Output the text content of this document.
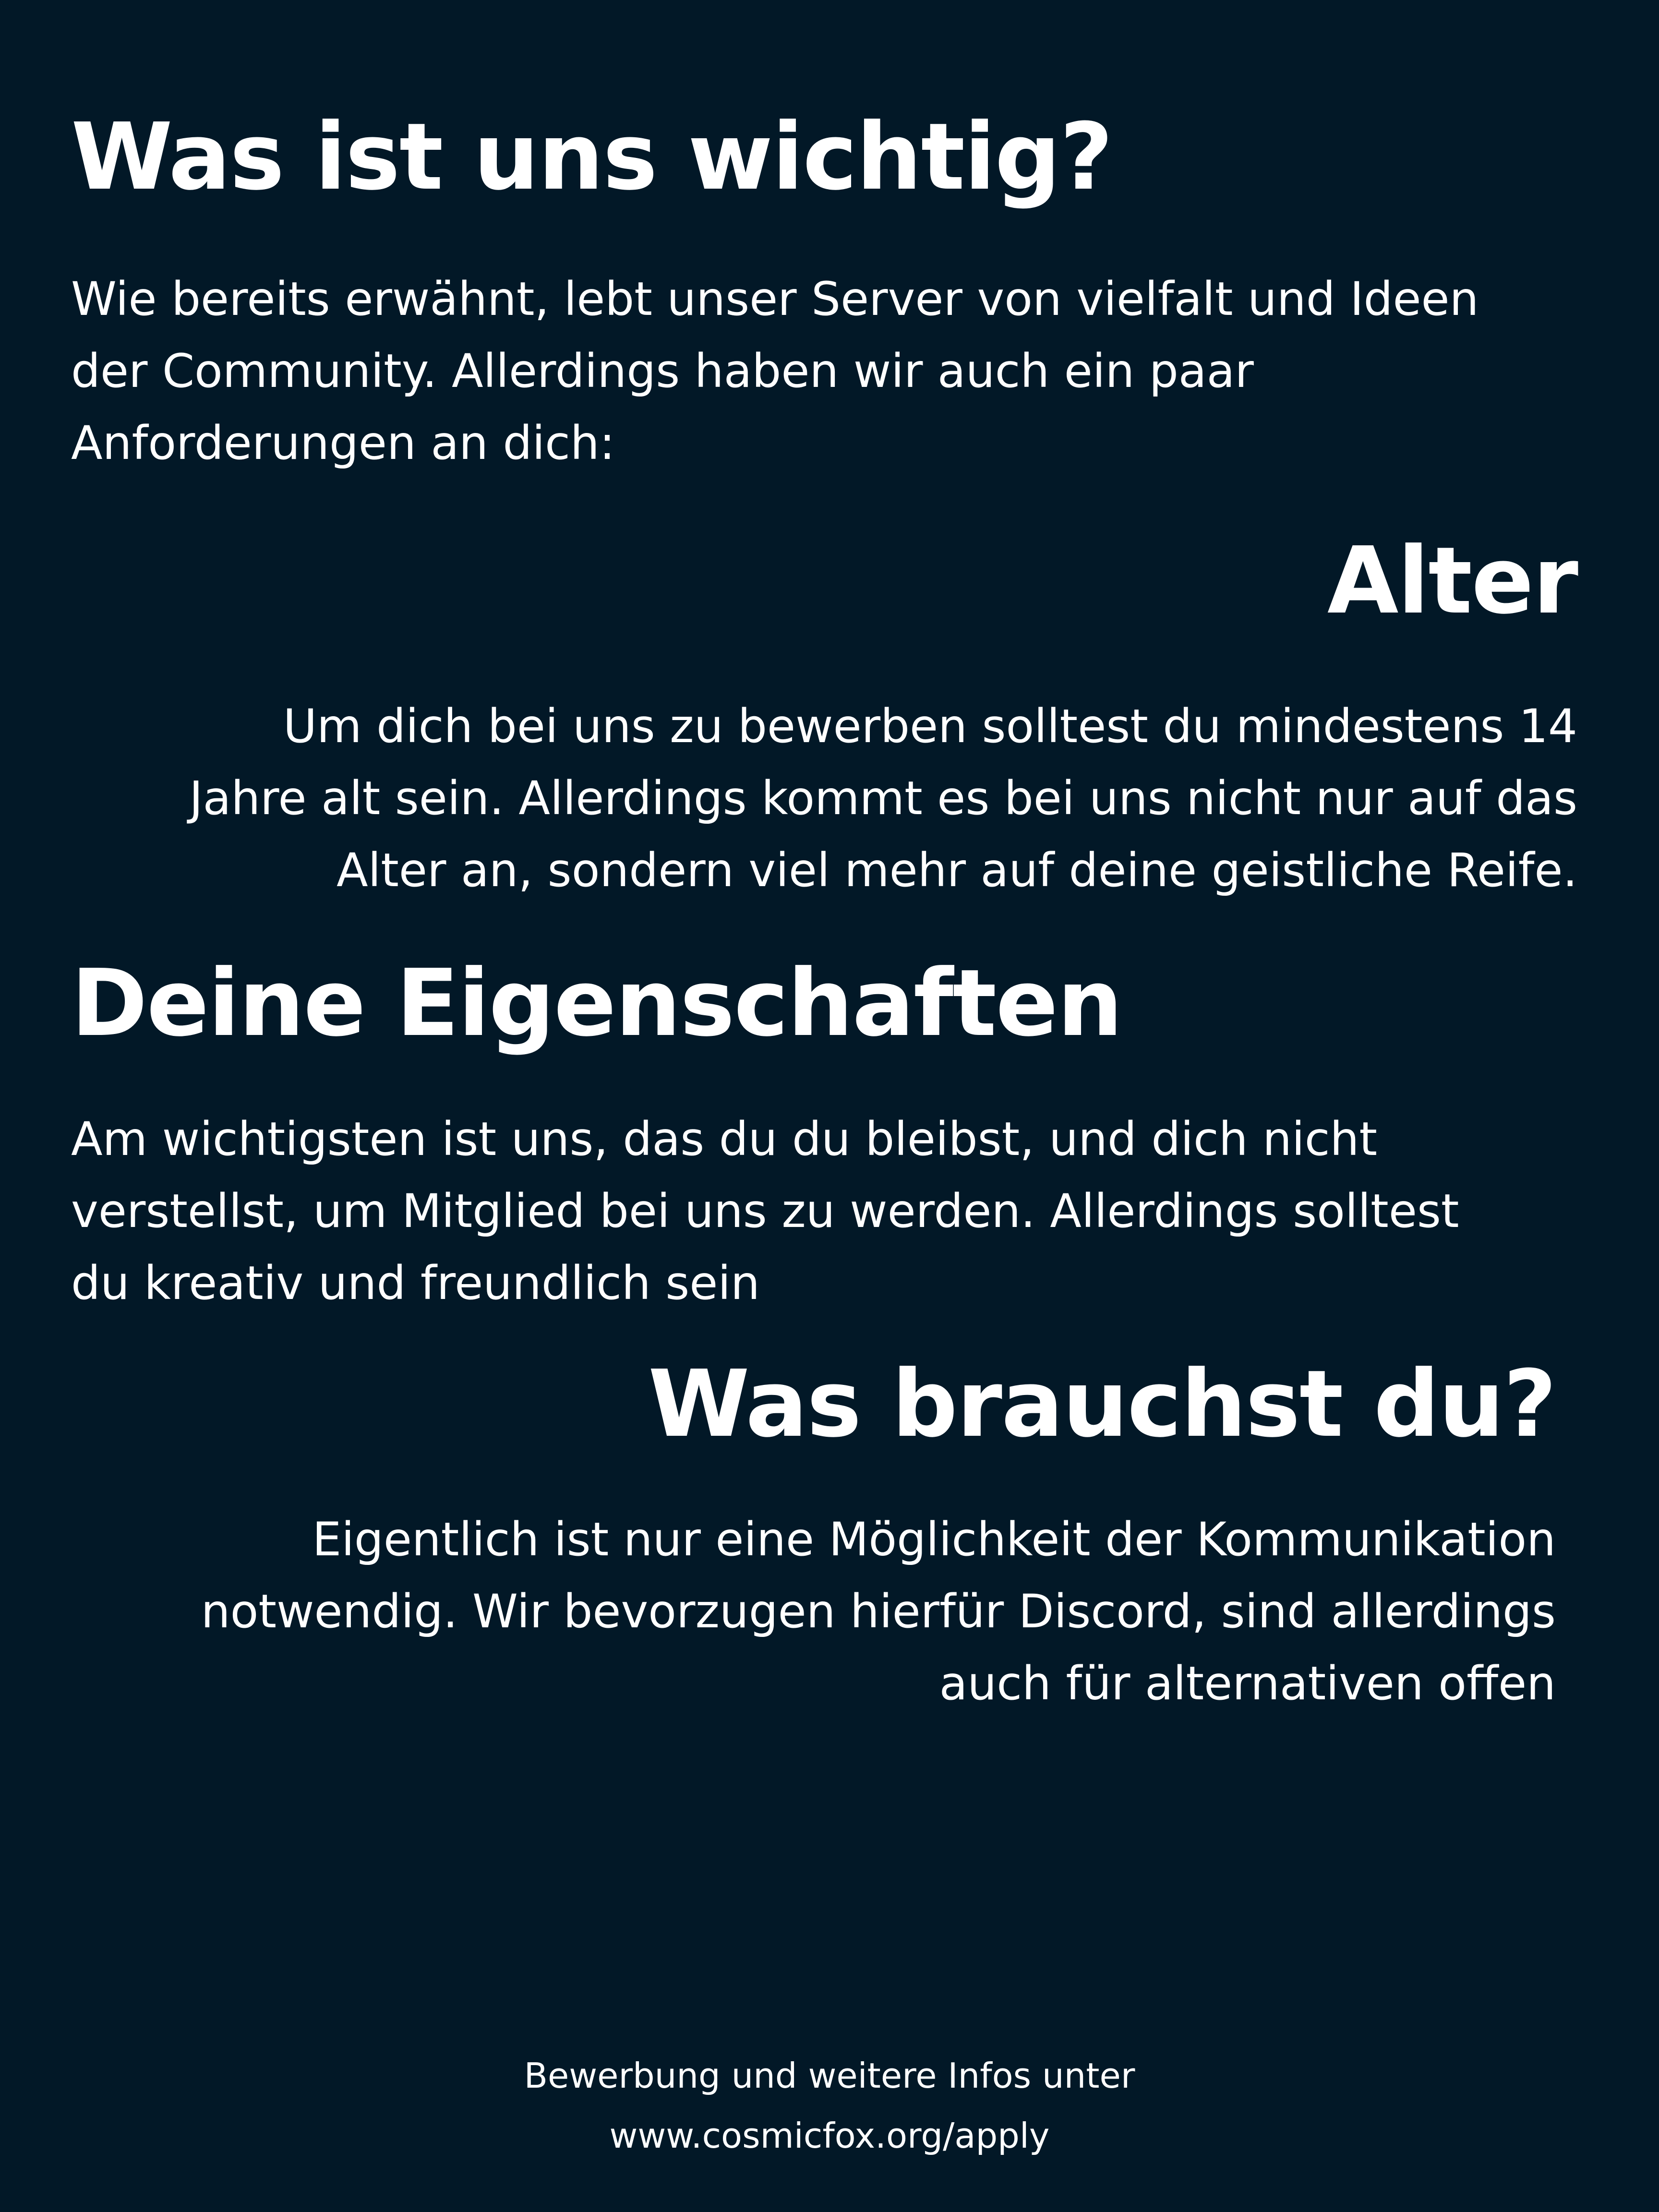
Was ist uns wichtig?

Wie bereits erwähnt, lebt unser Server von vielfalt und Ideen
der Community. Allerdings haben wir auch ein paar
Anforderungen an dich:

Alter

Um dich bei uns zu bewerben solltest du mindestens 14
Jahre alt sein. Allerdings kommt es bei uns nicht nur auf das
Alter an, sondern viel mehr auf deine geistliche Reife.

Deine Eigenschaften

Am wichtigsten ist uns, das du du bleibst, und dich nicht
verstellst, um Mitglied bei uns zu werden. Allerdings solltest
du kreativ und freundlich sein

Was brauchst du?

Eigentlich ist nur eine Möglichkeit der Kommunikation
notwendig. Wir bevorzugen hierfür Discord, sind allerdings
auch für alternativen offen

Bewerbung und weitere Infos unter
www.cosmicfox.org/apply
